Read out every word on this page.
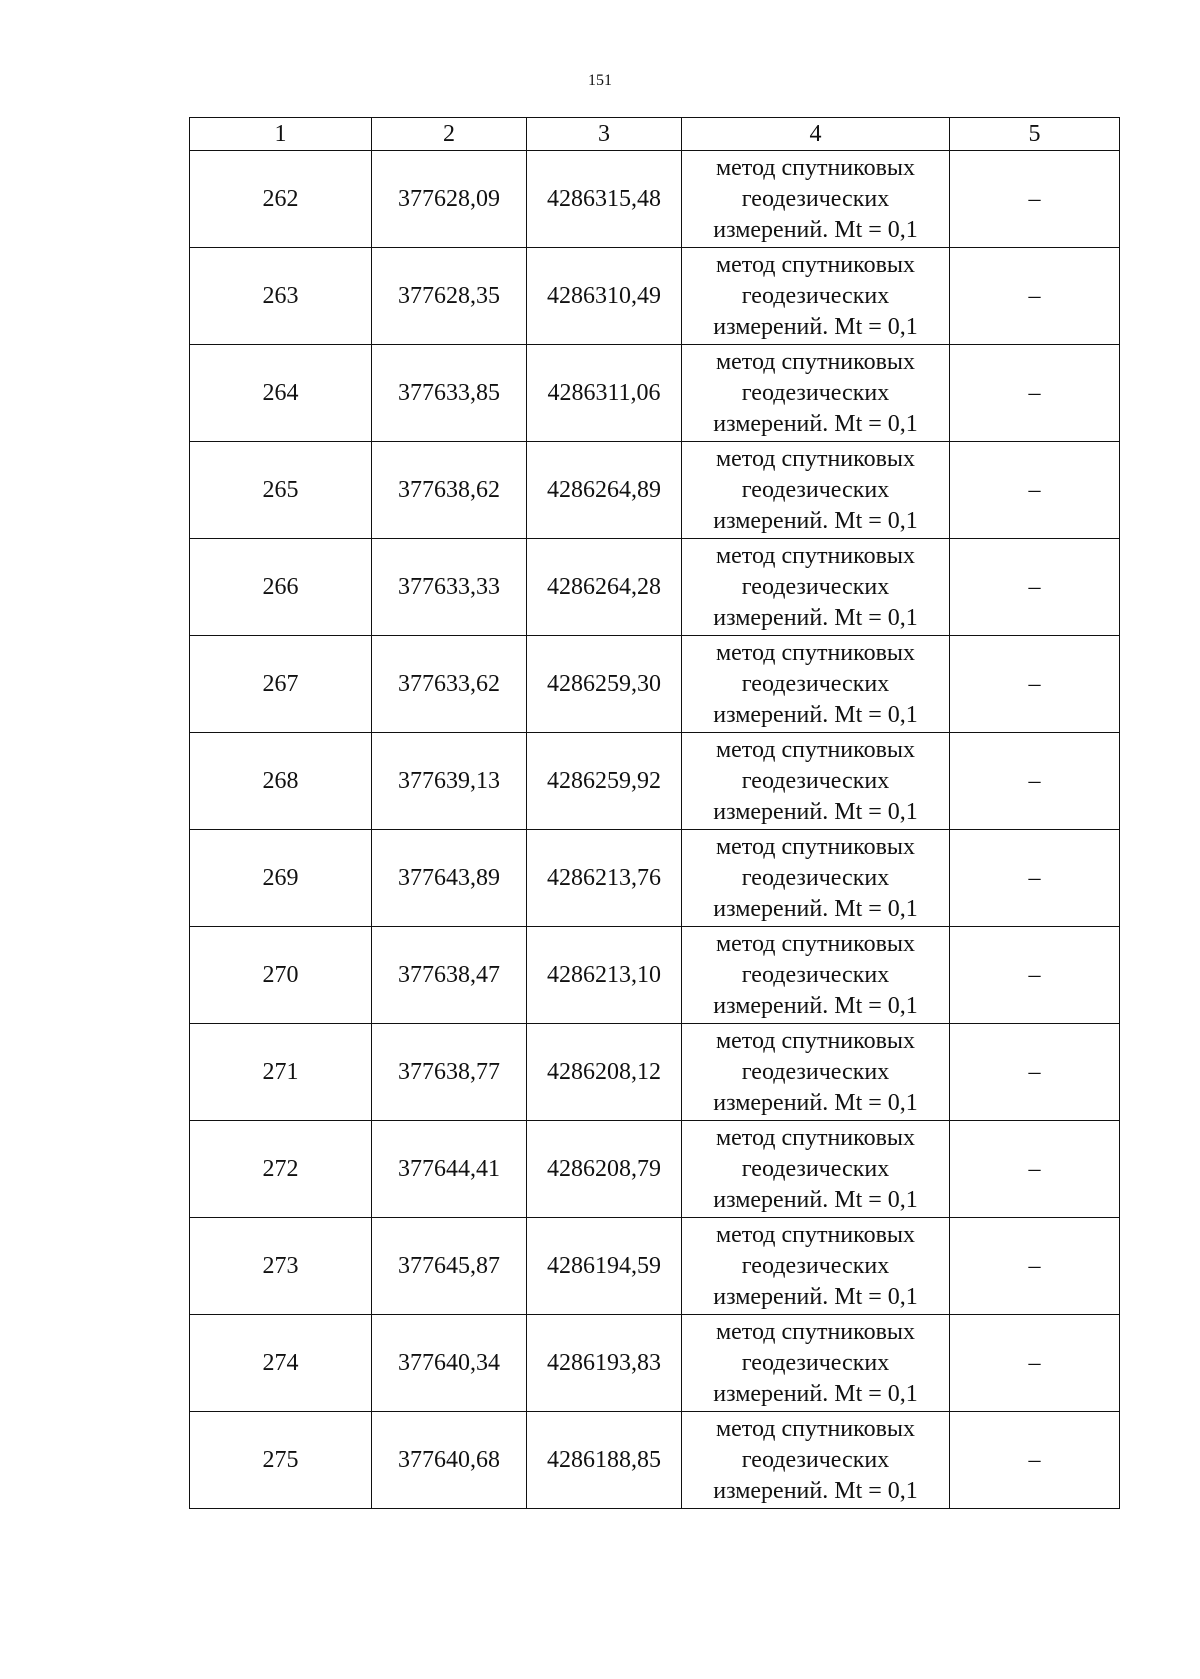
151
1	2	3	4	5
262	377628,09	4286315,48	метод спутниковых геодезических измерений. Mt = 0,1	–
263	377628,35	4286310,49	метод спутниковых геодезических измерений. Mt = 0,1	–
264	377633,85	4286311,06	метод спутниковых геодезических измерений. Mt = 0,1	–
265	377638,62	4286264,89	метод спутниковых геодезических измерений. Mt = 0,1	–
266	377633,33	4286264,28	метод спутниковых геодезических измерений. Mt = 0,1	–
267	377633,62	4286259,30	метод спутниковых геодезических измерений. Mt = 0,1	–
268	377639,13	4286259,92	метод спутниковых геодезических измерений. Mt = 0,1	–
269	377643,89	4286213,76	метод спутниковых геодезических измерений. Mt = 0,1	–
270	377638,47	4286213,10	метод спутниковых геодезических измерений. Mt = 0,1	–
271	377638,77	4286208,12	метод спутниковых геодезических измерений. Mt = 0,1	–
272	377644,41	4286208,79	метод спутниковых геодезических измерений. Mt = 0,1	–
273	377645,87	4286194,59	метод спутниковых геодезических измерений. Mt = 0,1	–
274	377640,34	4286193,83	метод спутниковых геодезических измерений. Mt = 0,1	–
275	377640,68	4286188,85	метод спутниковых геодезических измерений. Mt = 0,1	–
